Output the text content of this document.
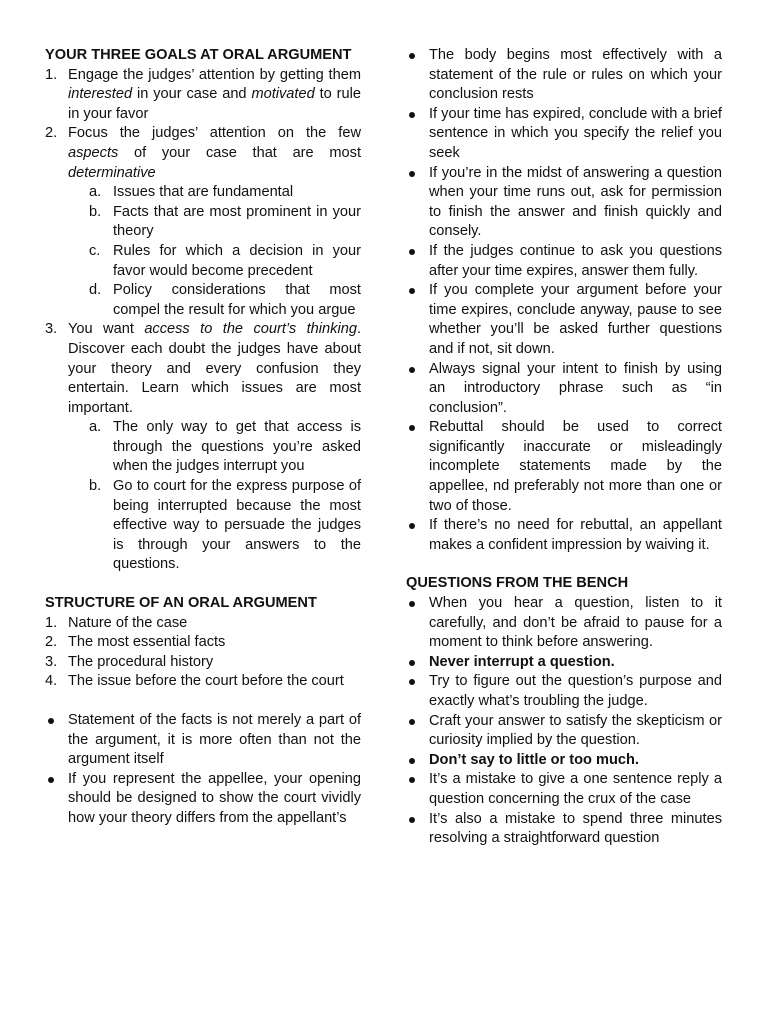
YOUR THREE GOALS AT ORAL ARGUMENT
1. Engage the judges’ attention by getting them interested in your case and motivated to rule in your favor
2. Focus the judges’ attention on the few aspects of your case that are most determinative
a. Issues that are fundamental
b. Facts that are most prominent in your theory
c. Rules for which a decision in your favor would become precedent
d. Policy considerations that most compel the result for which you argue
3. You want access to the court’s thinking. Discover each doubt the judges have about your theory and every confusion they entertain. Learn which issues are most important.
a. The only way to get that access is through the questions you’re asked when the judges interrupt you
b. Go to court for the express purpose of being interrupted because the most effective way to persuade the judges is through your answers to the questions.
STRUCTURE OF AN ORAL ARGUMENT
1. Nature of the case
2. The most essential facts
3. The procedural history
4. The issue before the court before the court
Statement of the facts is not merely a part of the argument, it is more often than not the argument itself
If you represent the appellee, your opening should be designed to show the court vividly how your theory differs from the appellant’s
The body begins most effectively with a statement of the rule or rules on which your conclusion rests
If your time has expired, conclude with a brief sentence in which you specify the relief you seek
If you’re in the midst of answering a question when your time runs out, ask for permission to finish the answer and finish quickly and consely.
If the judges continue to ask you questions after your time expires, answer them fully.
If you complete your argument before your time expires, conclude anyway, pause to see whether you’ll be asked further questions and if not, sit down.
Always signal your intent to finish by using an introductory phrase such as “in conclusion”.
Rebuttal should be used to correct significantly inaccurate or misleadingly incomplete statements made by the appellee, nd preferably not more than one or two of those.
If there’s no need for rebuttal, an appellant makes a confident impression by waiving it.
QUESTIONS FROM THE BENCH
When you hear a question, listen to it carefully, and don’t be afraid to pause for a moment to think before answering.
Never interrupt a question.
Try to figure out the question’s purpose and exactly what’s troubling the judge.
Craft your answer to satisfy the skepticism or curiosity implied by the question.
Don’t say to little or too much.
It’s a mistake to give a one sentence reply a question concerning the crux of the case
It’s also a mistake to spend three minutes resolving a straightforward question
